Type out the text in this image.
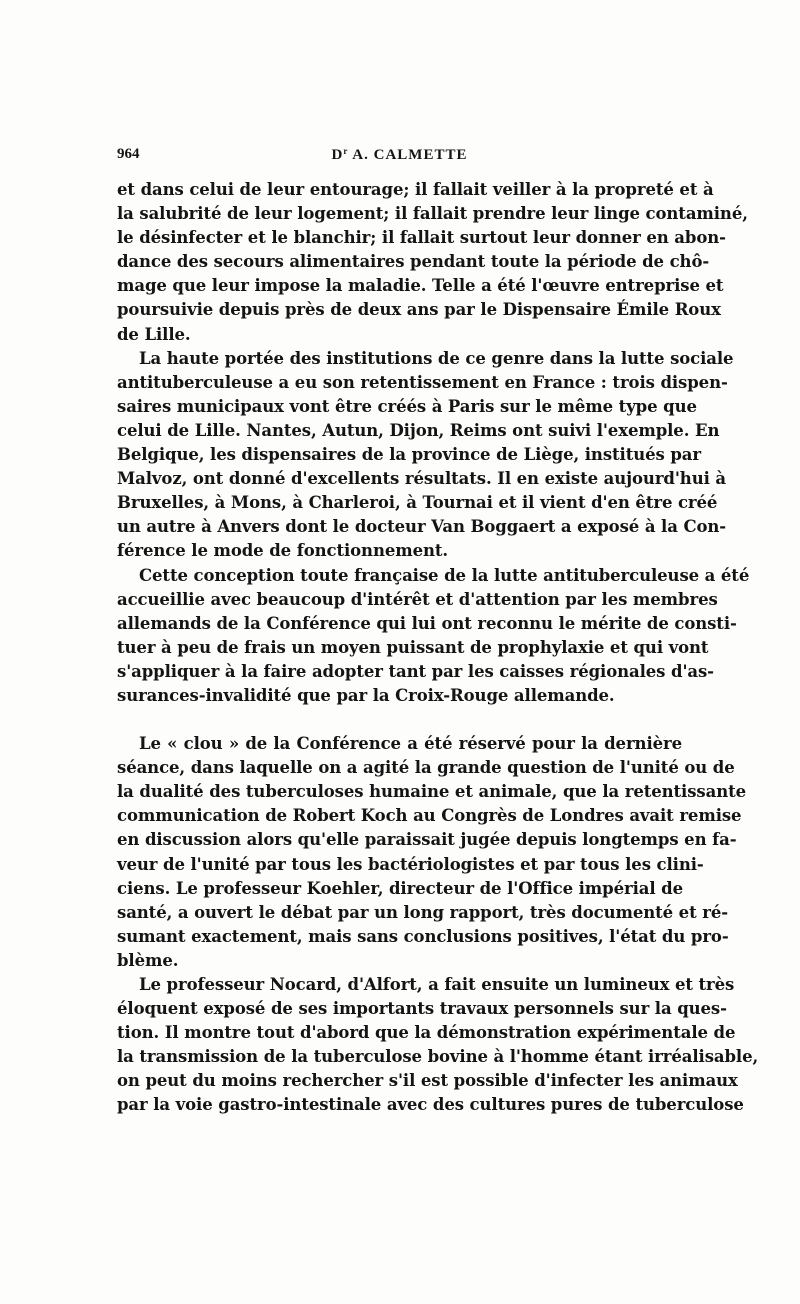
964	$D^r$ A. CALMETTE

et dans celui de leur entourage; il fallait veiller à la propreté et à
la salubrité de leur logement; il fallait prendre leur linge contaminé,
le désinfecter et le blanchir; il fallait surtout leur donner en abon-
dance des secours alimentaires pendant toute la période de chô-
mage que leur impose la maladie. Telle a été l'œuvre entreprise et
poursuivie depuis près de deux ans par le Dispensaire Émile Roux
de Lille.

La haute portée des institutions de ce genre dans la lutte sociale
antituberculeuse a eu son retentissement en France : trois dispen-
saires municipaux vont être créés à Paris sur le même type que
celui de Lille. Nantes, Autun, Dijon, Reims ont suivi l'exemple. En
Belgique, les dispensaires de la province de Liège, institués par
Malvoz, ont donné d'excellents résultats. Il en existe aujourd'hui à
Bruxelles, à Mons, à Charleroi, à Tournai et il vient d'en être créé
un autre à Anvers dont le docteur Van Boggaert a exposé à la Con-
férence le mode de fonctionnement.

Cette conception toute française de la lutte antituberculeuse a été
accueillie avec beaucoup d'intérêt et d'attention par les membres
allemands de la Conférence qui lui ont reconnu le mérite de consti-
tuer à peu de frais un moyen puissant de prophylaxie et qui vont
s'appliquer à la faire adopter tant par les caisses régionales d'as-
surances-invalidité que par la Croix-Rouge allemande.

Le « clou » de la Conférence a été réservé pour la dernière
séance, dans laquelle on a agité la grande question de l'unité ou de
la dualité des tuberculoses humaine et animale, que la retentissante
communication de Robert Koch au Congrès de Londres avait remise
en discussion alors qu'elle paraissait jugée depuis longtemps en fa-
veur de l'unité par tous les bactériologistes et par tous les clini-
ciens. Le professeur Koehler, directeur de l'Office impérial de
santé, a ouvert le débat par un long rapport, très documenté et ré-
sumant exactement, mais sans conclusions positives, l'état du pro-
blème.

Le professeur Nocard, d'Alfort, a fait ensuite un lumineux et très
éloquent exposé de ses importants travaux personnels sur la ques-
tion. Il montre tout d'abord que la démonstration expérimentale de
la transmission de la tuberculose bovine à l'homme étant irréalisable,
on peut du moins rechercher s'il est possible d'infecter les animaux
par la voie gastro-intestinale avec des cultures pures de tuberculose
